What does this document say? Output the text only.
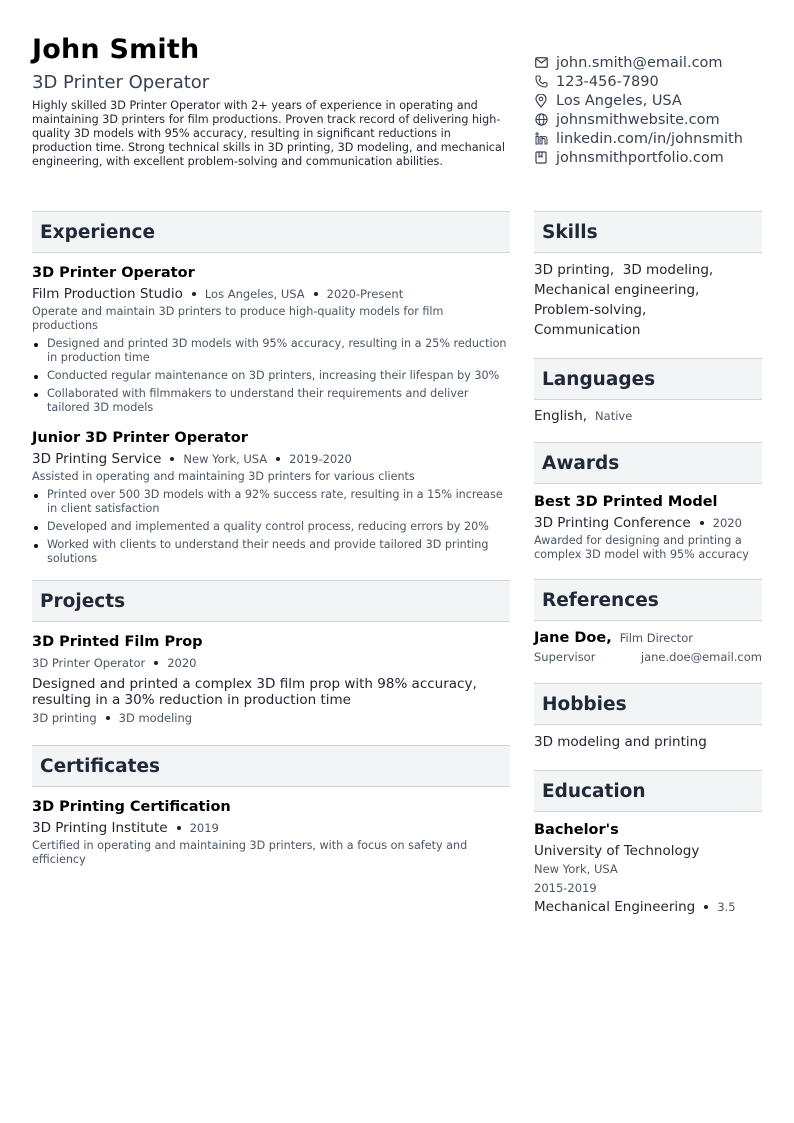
John Smith
3D Printer Operator
Highly skilled 3D Printer Operator with 2+ years of experience in operating and maintaining 3D printers for film productions. Proven track record of delivering high-quality 3D models with 95% accuracy, resulting in significant reductions in production time. Strong technical skills in 3D printing, 3D modeling, and mechanical engineering, with excellent problem-solving and communication abilities.
john.smith@email.com
123-456-7890
Los Angeles, USA
johnsmithwebsite.com
linkedin.com/in/johnsmith
johnsmithportfolio.com
Experience
3D Printer Operator
Film Production Studio Los Angeles, USA 2020-Present
Operate and maintain 3D printers to produce high-quality models for film productions
Designed and printed 3D models with 95% accuracy, resulting in a 25% reduction in production time
Conducted regular maintenance on 3D printers, increasing their lifespan by 30%
Collaborated with filmmakers to understand their requirements and deliver tailored 3D models
Junior 3D Printer Operator
3D Printing Service New York, USA 2019-2020
Assisted in operating and maintaining 3D printers for various clients
Printed over 500 3D models with a 92% success rate, resulting in a 15% increase in client satisfaction
Developed and implemented a quality control process, reducing errors by 20%
Worked with clients to understand their needs and provide tailored 3D printing solutions
Projects
3D Printed Film Prop
3D Printer Operator 2020
Designed and printed a complex 3D film prop with 98% accuracy, resulting in a 30% reduction in production time
3D printing 3D modeling
Certificates
3D Printing Certification
3D Printing Institute 2019
Certified in operating and maintaining 3D printers, with a focus on safety and efficiency
Skills
3D printing,  3D modeling,
Mechanical engineering,
Problem-solving,
Communication
Languages
English, Native
Awards
Best 3D Printed Model
3D Printing Conference 2020
Awarded for designing and printing a complex 3D model with 95% accuracy
References
Jane Doe, Film Director
Supervisor	jane.doe@email.com
Hobbies
3D modeling and printing
Education
Bachelor's
University of Technology
New York, USA
2015-2019
Mechanical Engineering 3.5
